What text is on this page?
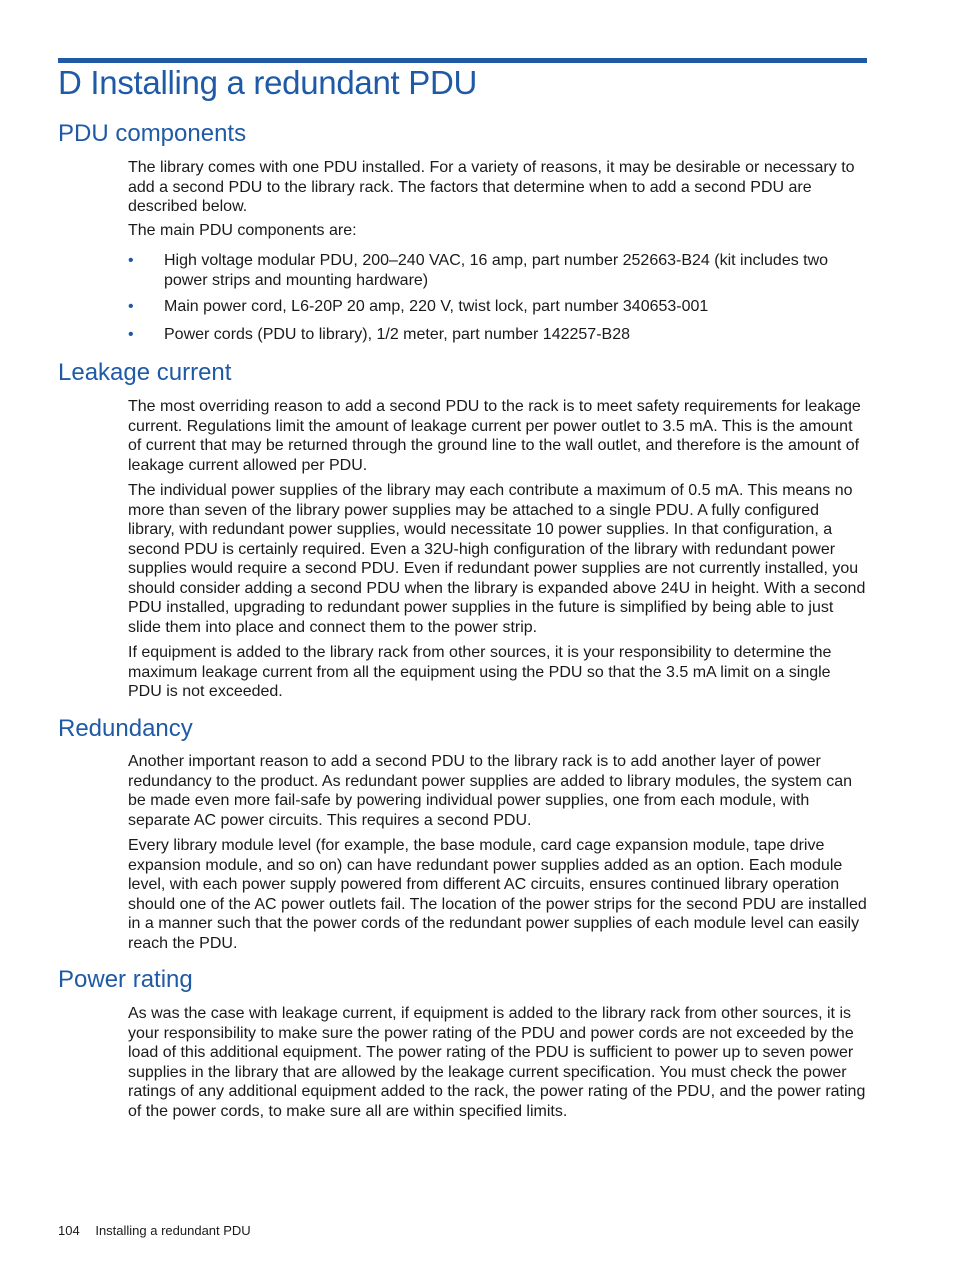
D Installing a redundant PDU
PDU components

The library comes with one PDU installed. For a variety of reasons, it may be desirable or necessary to add a second PDU to the library rack. The factors that determine when to add a second PDU are described below.

The main PDU components are:

•	High voltage modular PDU, 200–240 VAC, 16 amp, part number 252663-B24 (kit includes two power strips and mounting hardware)
•	Main power cord, L6-20P 20 amp, 220 V, twist lock, part number 340653-001
•	Power cords (PDU to library), 1/2 meter, part number 142257-B28
Leakage current

The most overriding reason to add a second PDU to the rack is to meet safety requirements for leakage current. Regulations limit the amount of leakage current per power outlet to 3.5 mA. This is the amount of current that may be returned through the ground line to the wall outlet, and therefore is the amount of leakage current allowed per PDU.

The individual power supplies of the library may each contribute a maximum of 0.5 mA. This means no more than seven of the library power supplies may be attached to a single PDU. A fully configured library, with redundant power supplies, would necessitate 10 power supplies. In that configuration, a second PDU is certainly required. Even a 32U-high configuration of the library with redundant power supplies would require a second PDU. Even if redundant power supplies are not currently installed, you should consider adding a second PDU when the library is expanded above 24U in height. With a second PDU installed, upgrading to redundant power supplies in the future is simplified by being able to just slide them into place and connect them to the power strip.

If equipment is added to the library rack from other sources, it is your responsibility to determine the maximum leakage current from all the equipment using the PDU so that the 3.5 mA limit on a single PDU is not exceeded.

Redundancy

Another important reason to add a second PDU to the library rack is to add another layer of power redundancy to the product. As redundant power supplies are added to library modules, the system can be made even more fail-safe by powering individual power supplies, one from each module, with separate AC power circuits. This requires a second PDU.

Every library module level (for example, the base module, card cage expansion module, tape drive expansion module, and so on) can have redundant power supplies added as an option. Each module level, with each power supply powered from different AC circuits, ensures continued library operation should one of the AC power outlets fail. The location of the power strips for the second PDU are installed in a manner such that the power cords of the redundant power supplies of each module level can easily reach the PDU.

Power rating

As was the case with leakage current, if equipment is added to the library rack from other sources, it is your responsibility to make sure the power rating of the PDU and power cords are not exceeded by the load of this additional equipment. The power rating of the PDU is sufficient to power up to seven power supplies in the library that are allowed by the leakage current specification. You must check the power ratings of any additional equipment added to the rack, the power rating of the PDU, and the power rating of the power cords, to make sure all are within specified limits.

104 Installing a redundant PDU
